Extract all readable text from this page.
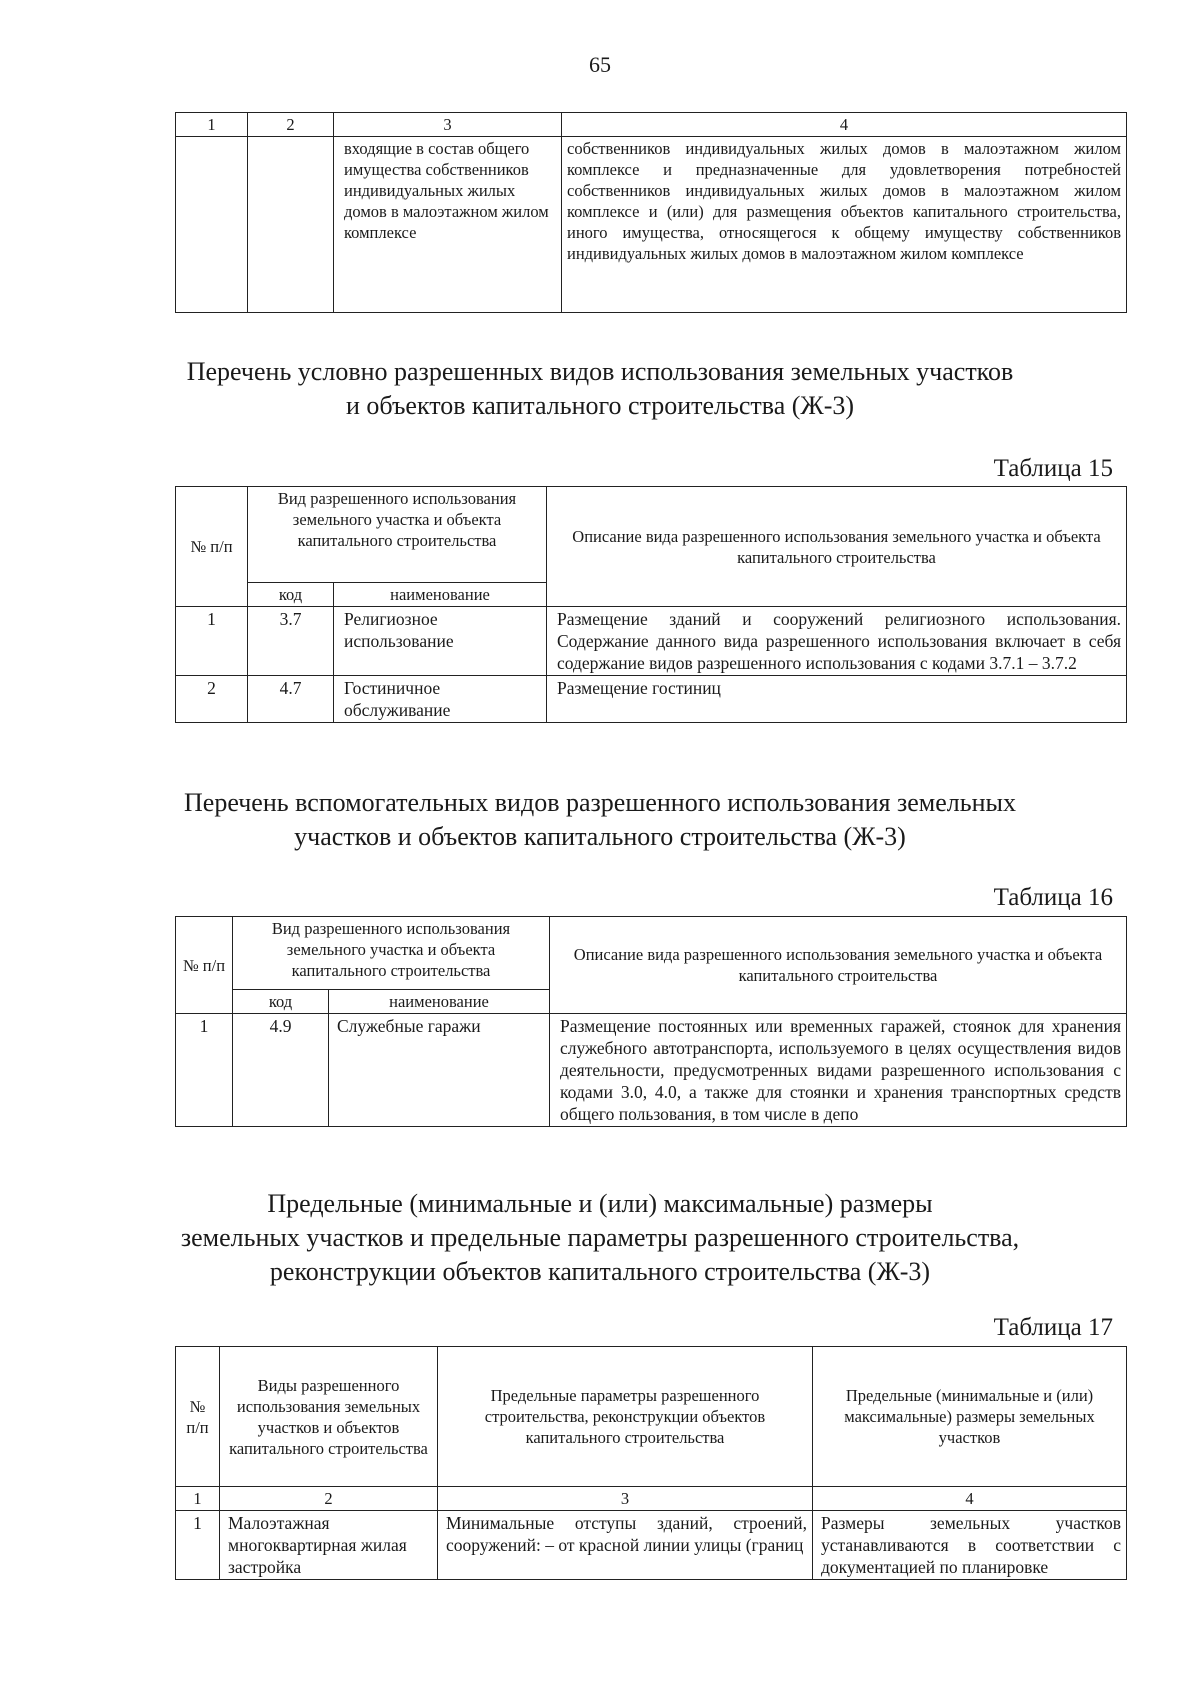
65
1	2	3	4
		входящие в состав общего имущества собственников индивидуальных жилых домов в малоэтажном жилом комплексе	собственников индивидуальных жилых домов в малоэтажном жилом комплексе и предназначенные для удовлетворения потребностей собственников индивидуальных жилых домов в малоэтажном жилом комплексе и (или) для размещения объектов капитального строительства, иного имущества, относящегося к общему имуществу собственников индивидуальных жилых домов в малоэтажном жилом комплексе
Перечень условно разрешенных видов использования земельных участков
и объектов капитального строительства (Ж-3)
Таблица 15
№ п/п	Вид разрешенного использования земельного участка и объекта капитального строительства		Описание вида разрешенного использования земельного участка и объекта капитального строительства
	код	наименование	
1	3.7	Религиозное использование	Размещение зданий и сооружений религиозного использования. Содержание данного вида разрешенного использования включает в себя содержание видов разрешенного использования с кодами 3.7.1 – 3.7.2
2	4.7	Гостиничное обслуживание	Размещение гостиниц
Перечень вспомогательных видов разрешенного использования земельных
участков и объектов капитального строительства (Ж-3)
Таблица 16
№ п/п	Вид разрешенного использования земельного участка и объекта капитального строительства		Описание вида разрешенного использования земельного участка и объекта капитального строительства
	код	наименование	
1	4.9	Служебные гаражи	Размещение постоянных или временных гаражей, стоянок для хранения служебного автотранспорта, используемого в целях осуществления видов деятельности, предусмотренных видами разрешенного использования с кодами 3.0, 4.0, а также для стоянки и хранения транспортных средств общего пользования, в том числе в депо
Предельные (минимальные и (или) максимальные) размеры
земельных участков и предельные параметры разрешенного строительства,
реконструкции объектов капитального строительства (Ж-3)
Таблица 17
№ п/п	Виды разрешенного использования земельных участков и объектов капитального строительства	Предельные параметры разрешенного строительства, реконструкции объектов капитального строительства	Предельные (минимальные и (или) максимальные) размеры земельных участков
1	2	3	4
1	Малоэтажная многоквартирная жилая застройка	Минимальные отступы зданий, строений, сооружений: – от красной линии улицы (границ	Размеры земельных участков устанавливаются в соответствии с документацией по планировке
